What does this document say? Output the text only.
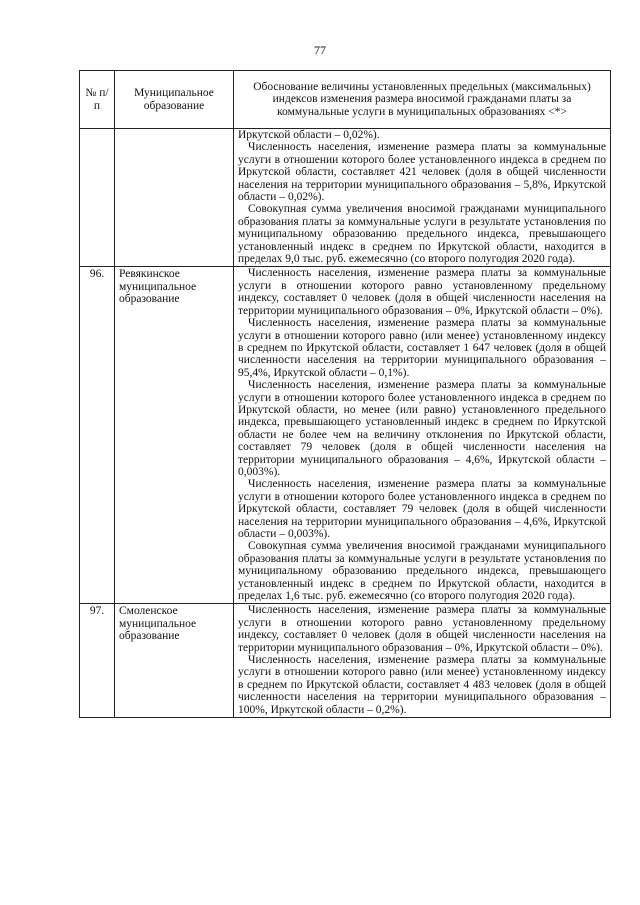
77
№ п/п	Муниципальное образование	Обоснование величины установленных предельных (максимальных) индексов изменения размера вносимой гражданами платы за коммунальные услуги в муниципальных образованиях <*>

		Иркутской области – 0,02%).

Численность населения, изменение размера платы за коммунальные услуги в отношении которого более установленного индекса в среднем по Иркутской области, составляет 421 человек (доля в общей численности населения на территории муниципального образования – 5,8%, Иркутской области – 0,02%).

Совокупная сумма увеличения вносимой гражданами муниципального образования платы за коммунальные услуги в результате установления по муниципальному образованию предельного индекса, превышающего установленный индекс в среднем по Иркутской области, находится в пределах 9,0 тыс. руб. ежемесячно (со второго полугодия 2020 года).

96.	Ревякинское муниципальное образование	Численность населения, изменение размера платы за коммунальные услуги в отношении которого равно установленному предельному индексу, составляет 0 человек (доля в общей численности населения на территории муниципального образования – 0%, Иркутской области – 0%).

Численность населения, изменение размера платы за коммунальные услуги в отношении которого равно (или менее) установленному индексу в среднем по Иркутской области, составляет 1 647 человек (доля в общей численности населения на территории муниципального образования – 95,4%, Иркутской области – 0,1%).

Численность населения, изменение размера платы за коммунальные услуги в отношении которого более установленного индекса в среднем по Иркутской области, но менее (или равно) установленного предельного индекса, превышающего установленный индекс в среднем по Иркутской области не более чем на величину отклонения по Иркутской области, составляет 79 человек (доля в общей численности населения на территории муниципального образования – 4,6%, Иркутской области – 0,003%).

Численность населения, изменение размера платы за коммунальные услуги в отношении которого более установленного индекса в среднем по Иркутской области, составляет 79 человек (доля в общей численности населения на территории муниципального образования – 4,6%, Иркутской области – 0,003%).

Совокупная сумма увеличения вносимой гражданами муниципального образования платы за коммунальные услуги в результате установления по муниципальному образованию предельного индекса, превышающего установленный индекс в среднем по Иркутской области, находится в пределах 1,6 тыс. руб. ежемесячно (со второго полугодия 2020 года).

97.	Смоленское муниципальное образование	Численность населения, изменение размера платы за коммунальные услуги в отношении которого равно установленному предельному индексу, составляет 0 человек (доля в общей численности населения на территории муниципального образования – 0%, Иркутской области – 0%).

Численность населения, изменение размера платы за коммунальные услуги в отношении которого равно (или менее) установленному индексу в среднем по Иркутской области, составляет 4 483 человек (доля в общей численности населения на территории муниципального образования – 100%, Иркутской области – 0,2%).
